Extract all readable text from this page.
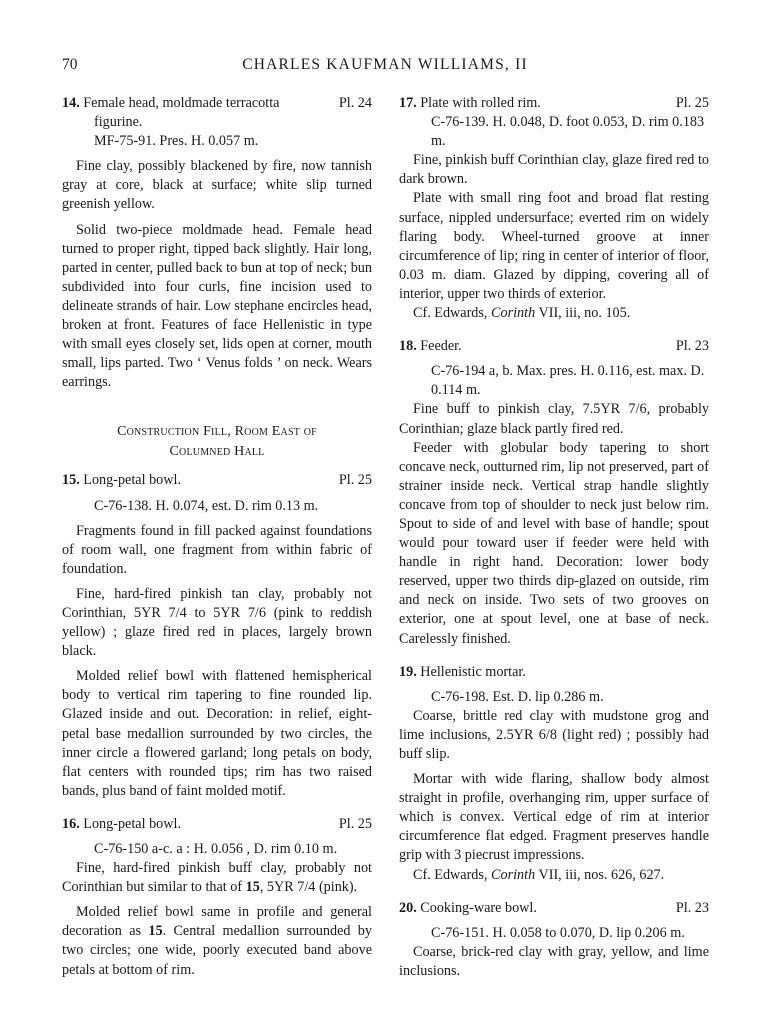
70	CHARLES KAUFMAN WILLIAMS, II
14. Female head, moldmade terracotta	Pl. 24
figurine.
MF-75-91. Pres. H. 0.057 m.

Fine clay, possibly blackened by fire, now tannish gray at core, black at surface; white slip turned greenish yellow.

Solid two-piece moldmade head. Female head turned to proper right, tipped back slightly. Hair long, parted in center, pulled back to bun at top of neck; bun subdivided into four curls, fine incision used to delineate strands of hair. Low stephane encircles head, broken at front. Features of face Hellenistic in type with small eyes closely set, lids open at corner, mouth small, lips parted. Two ‘ Venus folds ’ on neck. Wears earrings.

Construction Fill, Room East of
Columned Hall
15. Long-petal bowl.	Pl. 25
C-76-138. H. 0.074, est. D. rim 0.13 m.

Fragments found in fill packed against foundations of room wall, one fragment from within fabric of foundation.

Fine, hard-fired pinkish tan clay, probably not Corinthian, 5YR 7/4 to 5YR 7/6 (pink to reddish yellow) ; glaze fired red in places, largely brown black.

Molded relief bowl with flattened hemispherical body to vertical rim tapering to fine rounded lip. Glazed inside and out. Decoration: in relief, eight-petal base medallion surrounded by two circles, the inner circle a flowered garland; long petals on body, flat centers with rounded tips; rim has two raised bands, plus band of faint molded motif.

16. Long-petal bowl.	Pl. 25
C-76-150 a-c. a : H. 0.056 , D. rim 0.10 m.

Fine, hard-fired pinkish buff clay, probably not Corinthian but similar to that of 15, 5YR 7/4 (pink).

Molded relief bowl same in profile and general decoration as 15. Central medallion surrounded by two circles; one wide, poorly executed band above petals at bottom of rim.

17. Plate with rolled rim.	Pl. 25
C-76-139. H. 0.048, D. foot 0.053, D. rim 0.183 m.

Fine, pinkish buff Corinthian clay, glaze fired red to dark brown.

Plate with small ring foot and broad flat resting surface, nippled undersurface; everted rim on widely flaring body. Wheel-turned groove at inner circumference of lip; ring in center of interior of floor, 0.03 m. diam. Glazed by dipping, covering all of interior, upper two thirds of exterior.

Cf. Edwards, Corinth VII, iii, no. 105.

18. Feeder.	Pl. 23
C-76-194 a, b. Max. pres. H. 0.116, est. max. D. 0.114 m.

Fine buff to pinkish clay, 7.5YR 7/6, probably Corinthian; glaze black partly fired red.

Feeder with globular body tapering to short concave neck, outturned rim, lip not preserved, part of strainer inside neck. Vertical strap handle slightly concave from top of shoulder to neck just below rim. Spout to side of and level with base of handle; spout would pour toward user if feeder were held with handle in right hand. Decoration: lower body reserved, upper two thirds dip-glazed on outside, rim and neck on inside. Two sets of two grooves on exterior, one at spout level, one at base of neck. Carelessly finished.

19. Hellenistic mortar.
C-76-198. Est. D. lip 0.286 m.

Coarse, brittle red clay with mudstone grog and lime inclusions, 2.5YR 6/8 (light red) ; possibly had buff slip.

Mortar with wide flaring, shallow body almost straight in profile, overhanging rim, upper surface of which is convex. Vertical edge of rim at interior circumference flat edged. Fragment preserves handle grip with 3 piecrust impressions.

Cf. Edwards, Corinth VII, iii, nos. 626, 627.

20. Cooking-ware bowl.	Pl. 23
C-76-151. H. 0.058 to 0.070, D. lip 0.206 m.

Coarse, brick-red clay with gray, yellow, and lime inclusions.
